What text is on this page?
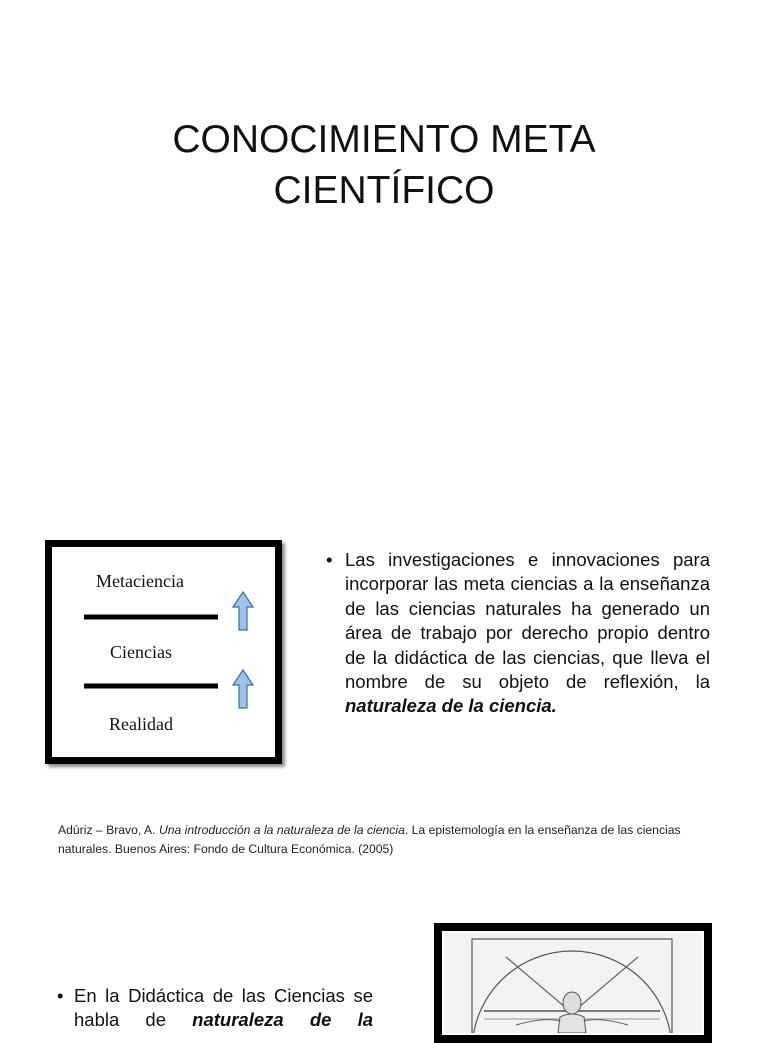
CONOCIMIENTO META
CIENTÍFICO
Metaciencia
Ciencias
Realidad
• Las investigaciones e innovaciones para incorporar las meta ciencias a la enseñanza de las ciencias naturales ha generado un área de trabajo por derecho propio dentro de la didáctica de las ciencias, que lleva el nombre de su objeto de reflexión, la naturaleza de la ciencia.
Adúriz – Bravo, A. Una introducción a la naturaleza de la ciencia. La epistemología en la enseñanza de las ciencias naturales. Buenos Aires: Fondo de Cultura Económica. (2005)
• En la Didáctica de las Ciencias se habla de naturaleza de la
